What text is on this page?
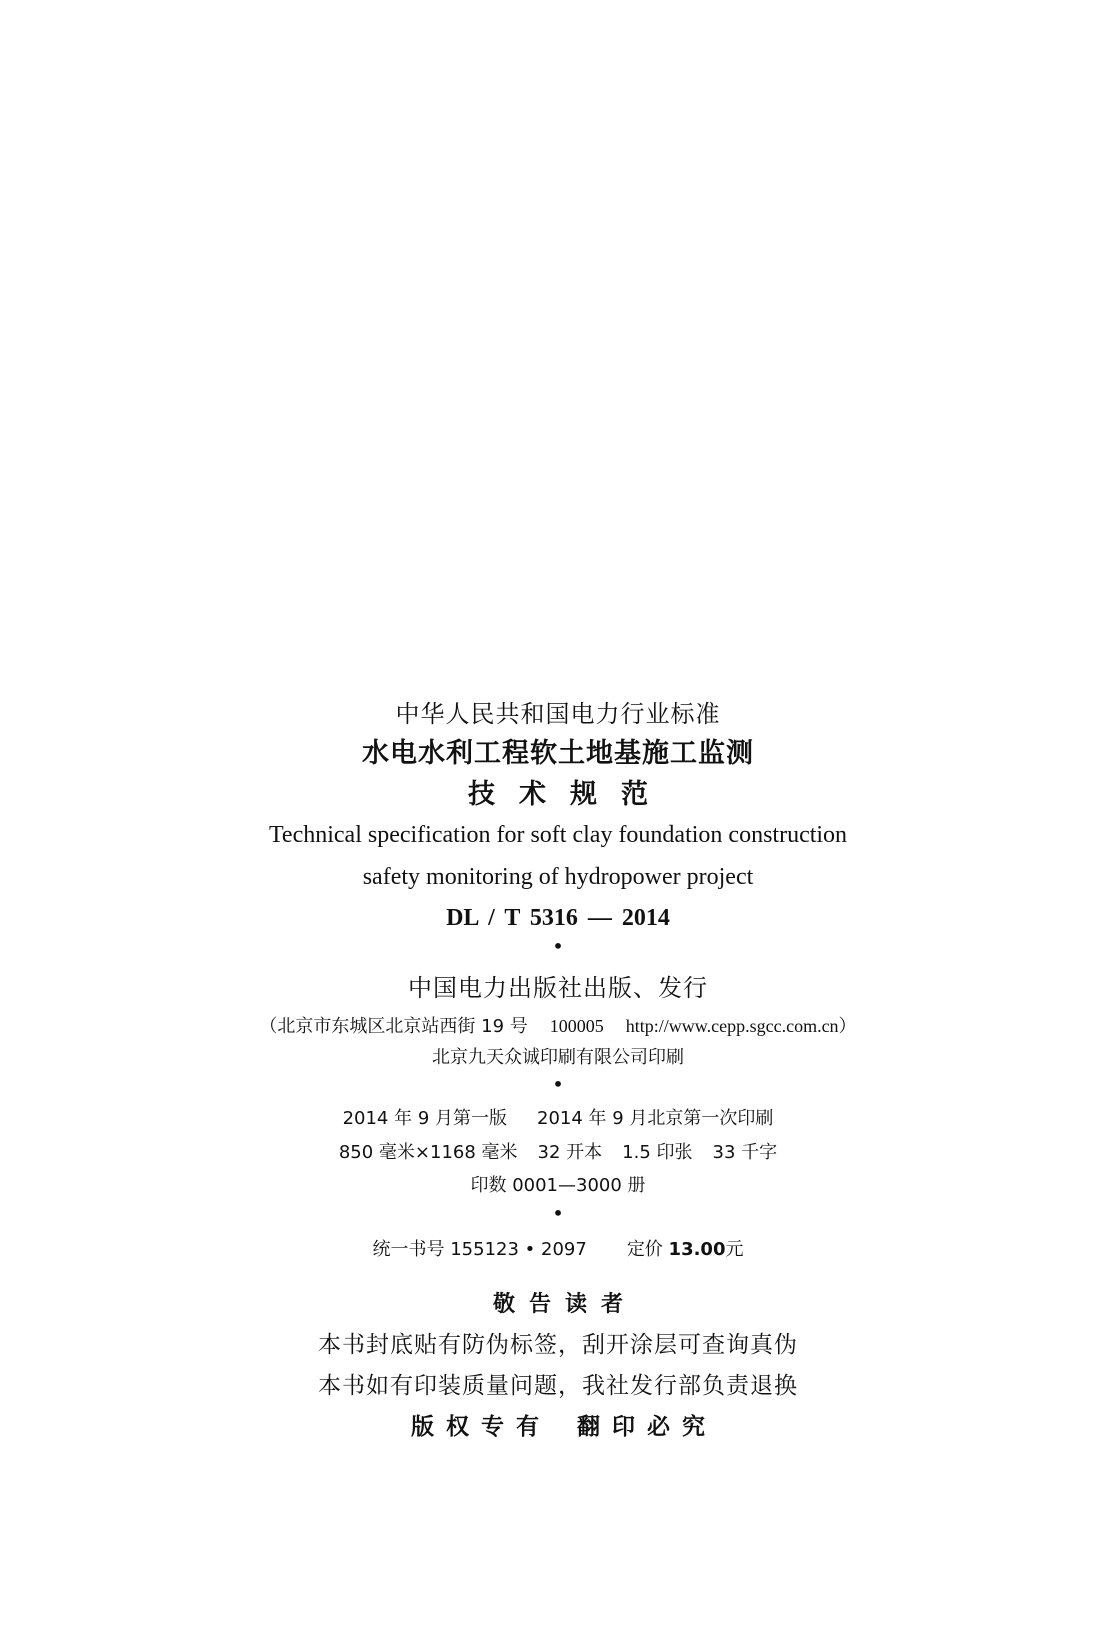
中华人民共和国电力行业标准
水电水利工程软土地基施工监测
技术规范
Technical specification for soft clay foundation construction
safety monitoring of hydropower project
DL / T 5316 — 2014
•
中国电力出版社出版、发行
（北京市东城区北京站西街 19 号 100005 http://www.cepp.sgcc.com.cn）
北京九天众诚印刷有限公司印刷
•
2014 年 9 月第一版 2014 年 9 月北京第一次印刷
850 毫米×1168 毫米 32 开本 1.5 印张 33 千字
印数 0001—3000 册
•
统一书号 155123 • 2097 定价 13.00元
敬告读者
本书封底贴有防伪标签，刮开涂层可查询真伪
本书如有印装质量问题，我社发行部负责退换
版权专有 翻印必究
